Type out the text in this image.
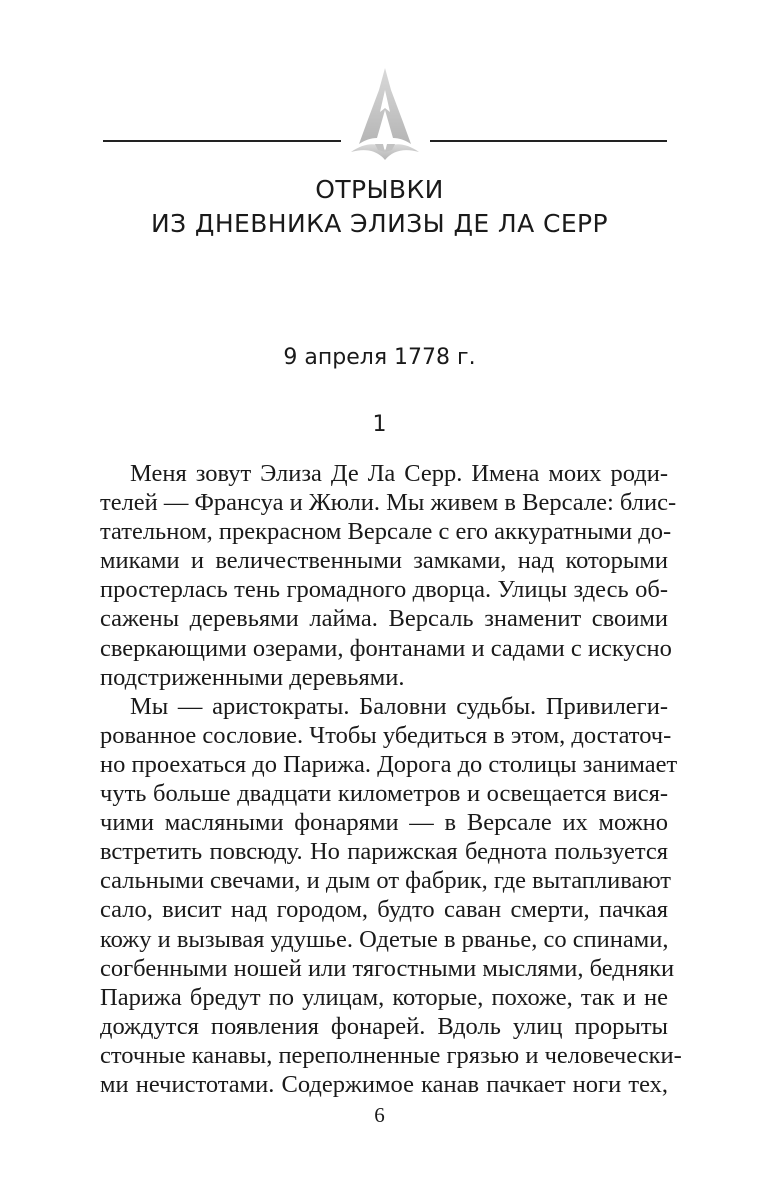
ОТРЫВКИ
ИЗ ДНЕВНИКА ЭЛИЗЫ ДЕ ЛА СЕРР
9 апреля 1778 г.
1
Меня зовут Элиза Де Ла Серр. Имена моих роди-
телей — Франсуа и Жюли. Мы живем в Версале: блис-
тательном, прекрасном Версале с его аккуратными до-
миками и величественными замками, над которыми
простерлась тень громадного дворца. Улицы здесь об-
сажены деревьями лайма. Версаль знаменит своими
сверкающими озерами, фонтанами и садами с искусно
подстриженными деревьями.
Мы — аристократы. Баловни судьбы. Привилеги-
рованное сословие. Чтобы убедиться в этом, достаточ-
но проехаться до Парижа. Дорога до столицы занимает
чуть больше двадцати километров и освещается вися-
чими масляными фонарями — в Версале их можно
встретить повсюду. Но парижская беднота пользуется
сальными свечами, и дым от фабрик, где вытапливают
сало, висит над городом, будто саван смерти, пачкая
кожу и вызывая удушье. Одетые в рванье, со спинами,
согбенными ношей или тягостными мыслями, бедняки
Парижа бредут по улицам, которые, похоже, так и не
дождутся появления фонарей. Вдоль улиц прорыты
сточные канавы, переполненные грязью и человечески-
ми нечистотами. Содержимое канав пачкает ноги тех,
6
